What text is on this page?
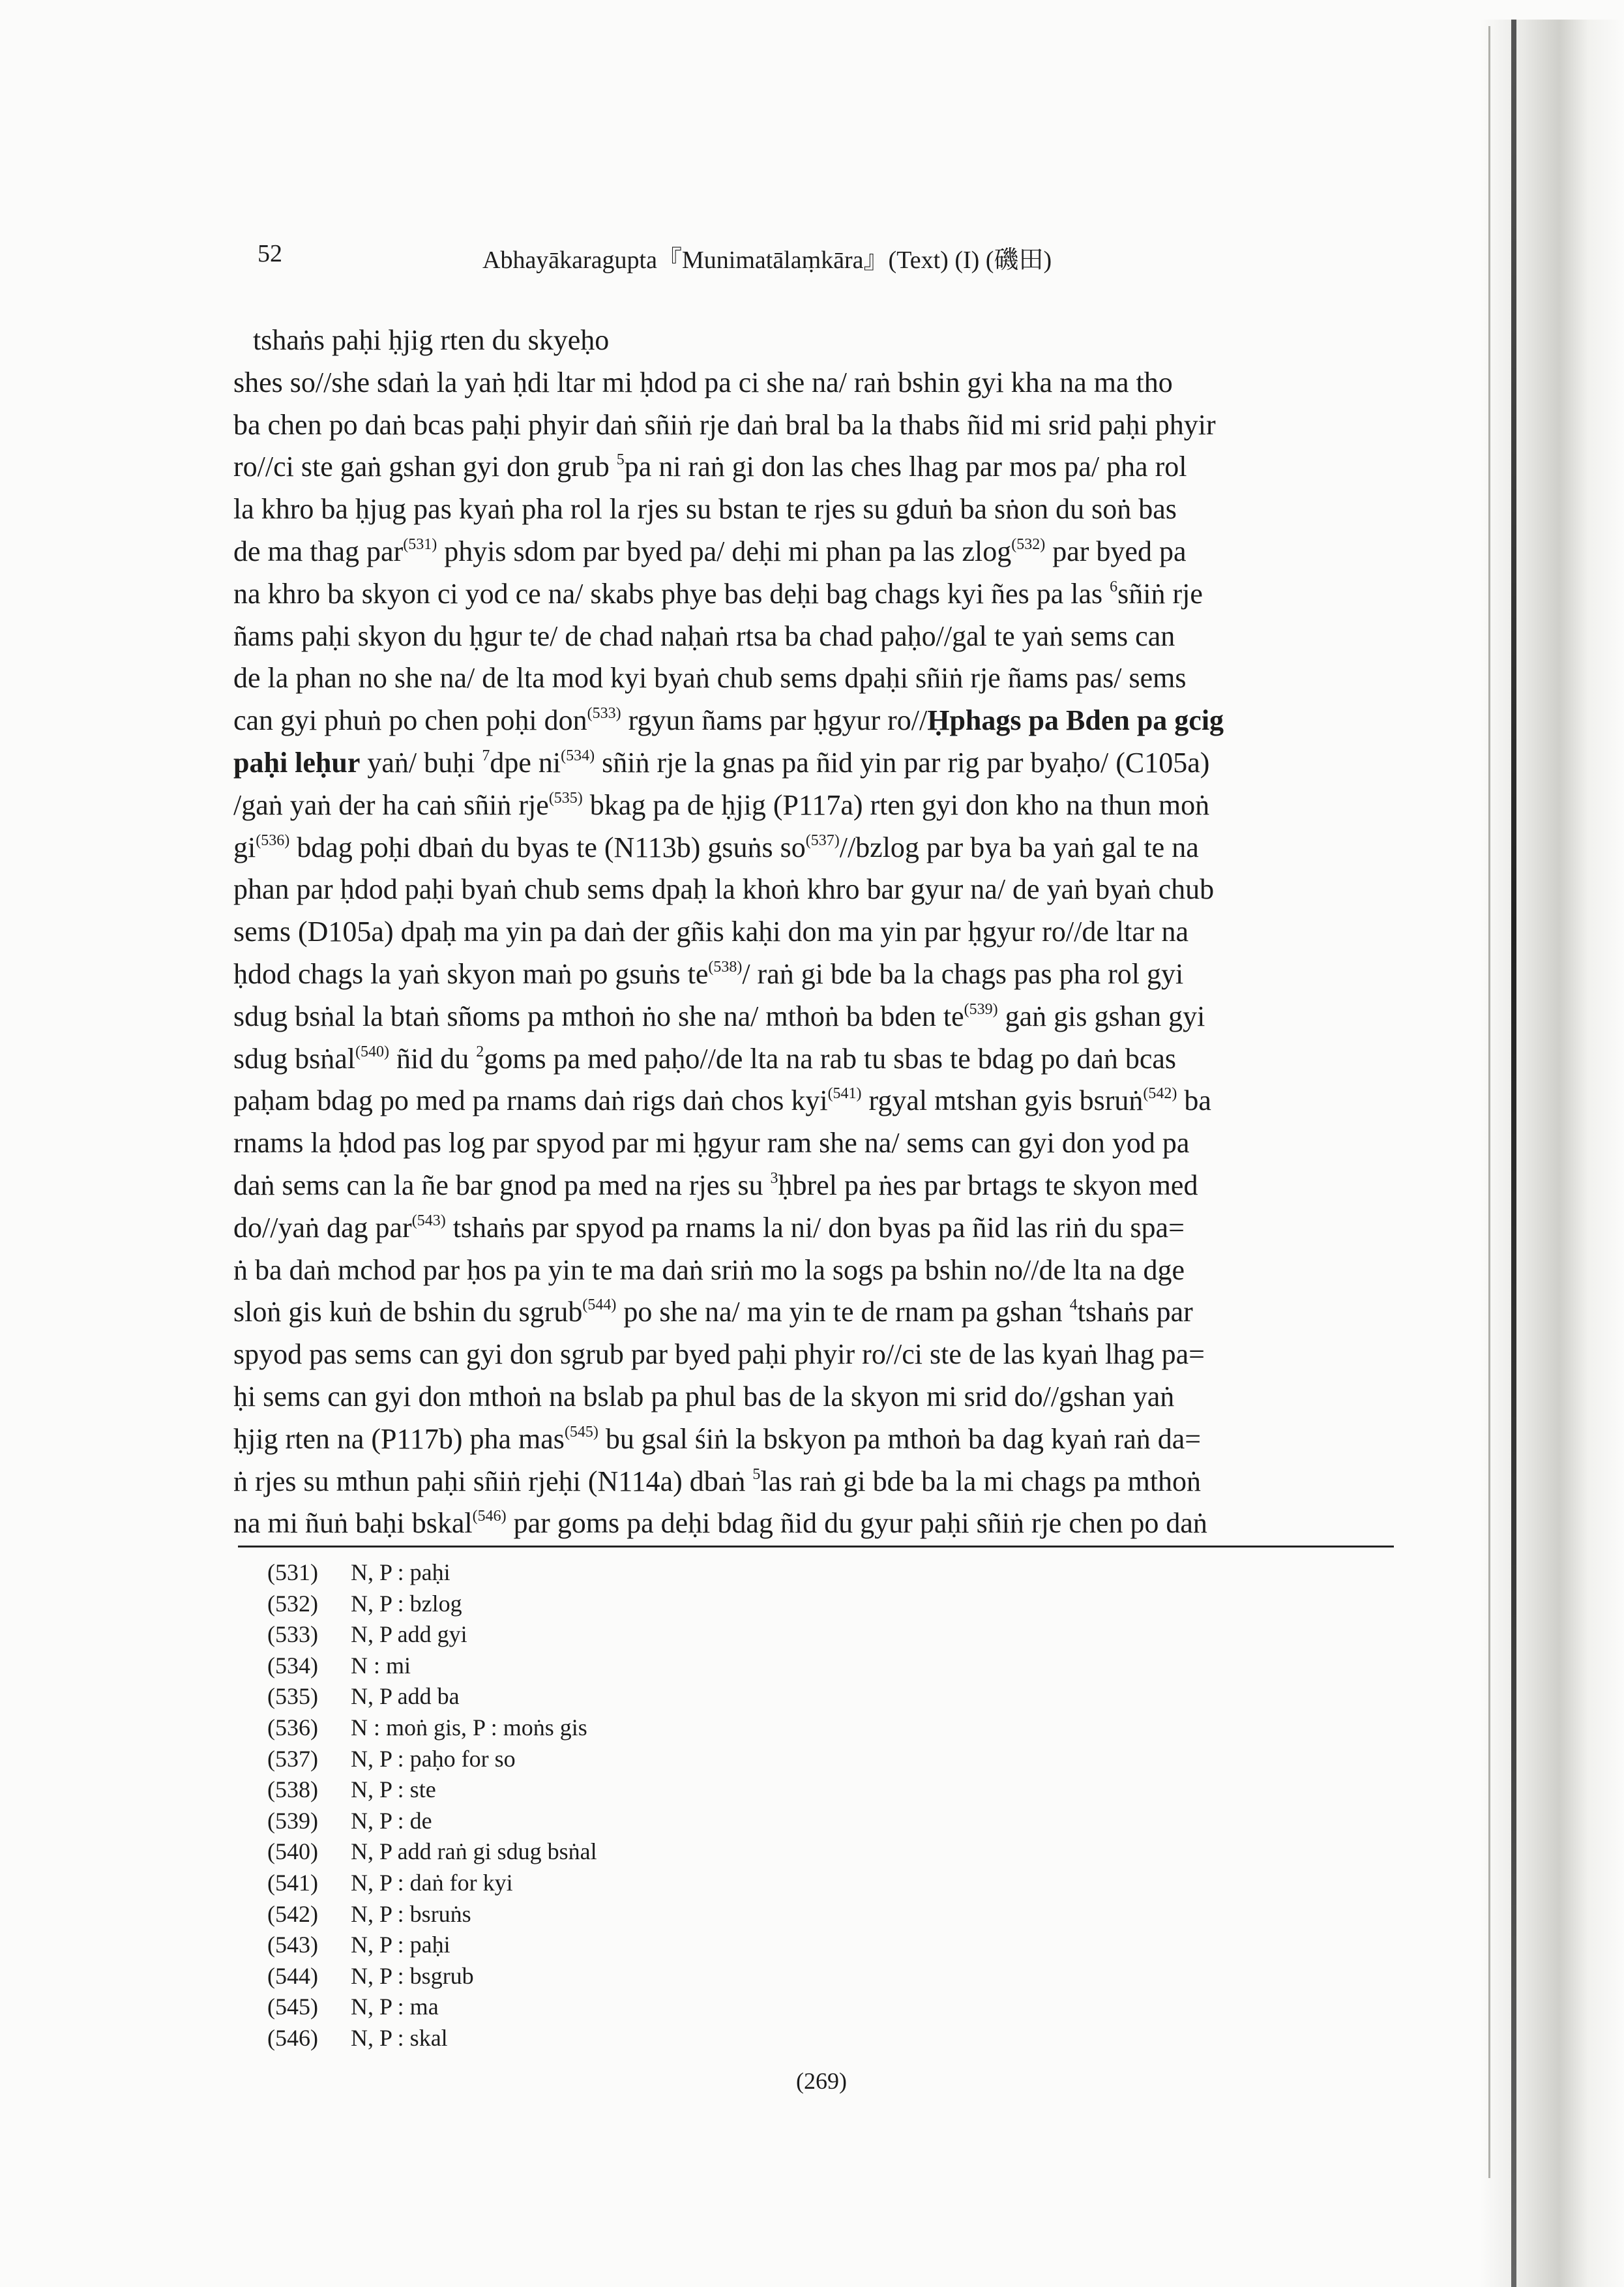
52	Abhayākaragupta『Munimatālaṃkāra』(Text) (I) (磯田)
tshaṅs paḥi ḥjig rten du skyeḥo
shes so//she sdaṅ la yaṅ ḥdi ltar mi ḥdod pa ci she na/ raṅ bshin gyi kha na ma tho
ba chen po daṅ bcas paḥi phyir daṅ sñiṅ rje daṅ bral ba la thabs ñid mi srid paḥi phyir
ro//ci ste gaṅ gshan gyi don grub $^5$pa ni raṅ gi don las ches lhag par mos pa/ pha rol
la khro ba ḥjug pas kyaṅ pha rol la rjes su bstan te rjes su gduṅ ba sṅon du soṅ bas
de ma thag par$^{(531)}$ phyis sdom par byed pa/ deḥi mi phan pa las zlog$^{(532)}$ par byed pa
na khro ba skyon ci yod ce na/ skabs phye bas deḥi bag chags kyi ñes pa las $^6$sñiṅ rje
ñams paḥi skyon du ḥgur te/ de chad naḥaṅ rtsa ba chad paḥo//gal te yaṅ sems can
de la phan no she na/ de lta mod kyi byaṅ chub sems dpaḥi sñiṅ rje ñams pas/ sems
can gyi phuṅ po chen poḥi don$^{(533)}$ rgyun ñams par ḥgyur ro//Ḥphags pa Bden pa gcig
paḥi leḥur yaṅ/ buḥi $^7$dpe $ni^{(534)}$ sñiṅ rje la gnas pa ñid yin par rig par byaḥo/ (C105a)
/gaṅ yaṅ der ha caṅ sñiṅ rje$^{(535)}$ bkag pa de ḥjig (P117a) rten gyi don kho na thun moṅ
$gi^{(536)}$ bdag poḥi dbaṅ du byas te (N113b) gsuṅs $so^{(537)}/$/bzlog par bya ba yaṅ gal te na
phan par ḥdod paḥi byaṅ chub sems dpaḥ la khoṅ khro bar gyur na/ de yaṅ byaṅ chub
sems (D105a) dpaḥ ma yin pa daṅ der gñis kaḥi don ma yin par ḥgyur ro//de ltar na
ḥdod chags la yaṅ skyon maṅ po gsuṅs $te^{(538)}/$ raṅ gi bde ba la chags pas pha rol gyi
sdug bsṅal la btaṅ sñoms pa mthoṅ ṅo she na/ mthoṅ ba bden $te^{(539)}$ gaṅ gis gshan gyi
sdug bsṅal$^{(540)}$ ñid du $^2$goms pa med paḥo//de lta na rab tu sbas te bdag po daṅ bcas
paḥam bdag po med pa rnams daṅ rigs daṅ chos kyi$^{(541)}$ rgyal mtshan gyis bsruṅ$^{(542)}$ ba
rnams la ḥdod pas log par spyod par mi ḥgyur ram she na/ sems can gyi don yod pa
daṅ sems can la ñe bar gnod pa med na rjes su $^3$ḥbrel pa ṅes par brtags te skyon med
do//yaṅ dag par$^{(543)}$ tshaṅs par spyod pa rnams la ni/ don byas pa ñid las riṅ du spa=
ṅ ba daṅ mchod par ḥos pa yin te ma daṅ sriṅ mo la sogs pa bshin no//de lta na dge
sloṅ gis kuṅ de bshin du sgrub$^{(544)}$ po she na/ ma yin te de rnam pa gshan $^4$tshaṅs par
spyod pas sems can gyi don sgrub par byed paḥi phyir ro//ci ste de las kyaṅ lhag pa=
ḥi sems can gyi don mthoṅ na bslab pa phul bas de la skyon mi srid do//gshan yaṅ
ḥjig rten na (P117b) pha mas$^{(545)}$ bu gsal śiṅ la bskyon pa mthoṅ ba dag kyaṅ raṅ da=
ṅ rjes su mthun paḥi sñiṅ rjeḥi (N114a) dbaṅ $^5$las raṅ gi bde ba la mi chags pa mthoṅ
na mi ñuṅ baḥi bskal$^{(546)}$ par goms pa deḥi bdag ñid du gyur paḥi sñiṅ rje chen po daṅ
(531) N, P : paḥi
(532) N, P : bzlog
(533) N, P add gyi
(534) N : mi
(535) N, P add ba
(536) N : moṅ gis, P : moṅs gis
(537) N, P : paḥo for so
(538) N, P : ste
(539) N, P : de
(540) N, P add raṅ gi sdug bsṅal
(541) N, P : daṅ for kyi
(542) N, P : bsruṅs
(543) N, P : paḥi
(544) N, P : bsgrub
(545) N, P : ma
(546) N, P : skal
(269)
